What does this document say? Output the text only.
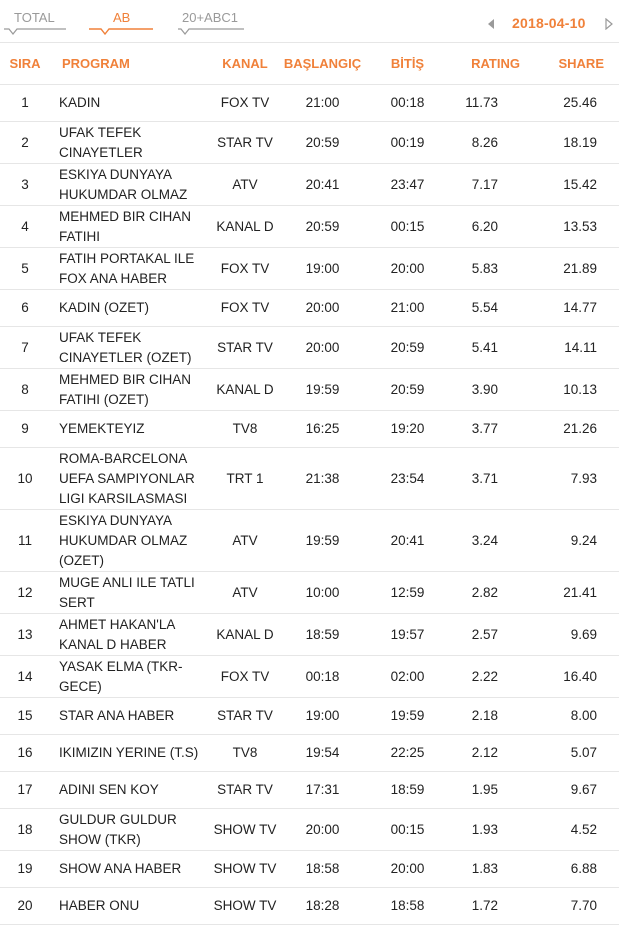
TOTAL	AB	20+ABC1	2018-04-10
SIRA	PROGRAM	KANAL	BAŞLANGIÇ	BİTİŞ	RATING	SHARE
1	KADIN	FOX TV	21:00	00:18	11.73	25.46
2	UFAK TEFEK CINAYETLER	STAR TV	20:59	00:19	8.26	18.19
3	ESKIYA DUNYAYA HUKUMDAR OLMAZ	ATV	20:41	23:47	7.17	15.42
4	MEHMED BIR CIHAN FATIHI	KANAL D	20:59	00:15	6.20	13.53
5	FATIH PORTAKAL ILE FOX ANA HABER	FOX TV	19:00	20:00	5.83	21.89
6	KADIN (OZET)	FOX TV	20:00	21:00	5.54	14.77
7	UFAK TEFEK CINAYETLER (OZET)	STAR TV	20:00	20:59	5.41	14.11
8	MEHMED BIR CIHAN FATIHI (OZET)	KANAL D	19:59	20:59	3.90	10.13
9	YEMEKTEYIZ	TV8	16:25	19:20	3.77	21.26
10	ROMA-BARCELONA UEFA SAMPIYONLAR LIGI KARSILASMASI	TRT 1	21:38	23:54	3.71	7.93
11	ESKIYA DUNYAYA HUKUMDAR OLMAZ (OZET)	ATV	19:59	20:41	3.24	9.24
12	MUGE ANLI ILE TATLI SERT	ATV	10:00	12:59	2.82	21.41
13	AHMET HAKAN'LA KANAL D HABER	KANAL D	18:59	19:57	2.57	9.69
14	YASAK ELMA (TKR-GECE)	FOX TV	00:18	02:00	2.22	16.40
15	STAR ANA HABER	STAR TV	19:00	19:59	2.18	8.00
16	IKIMIZIN YERINE (T.S)	TV8	19:54	22:25	2.12	5.07
17	ADINI SEN KOY	STAR TV	17:31	18:59	1.95	9.67
18	GULDUR GULDUR SHOW (TKR)	SHOW TV	20:00	00:15	1.93	4.52
19	SHOW ANA HABER	SHOW TV	18:58	20:00	1.83	6.88
20	HABER ONU	SHOW TV	18:28	18:58	1.72	7.70
